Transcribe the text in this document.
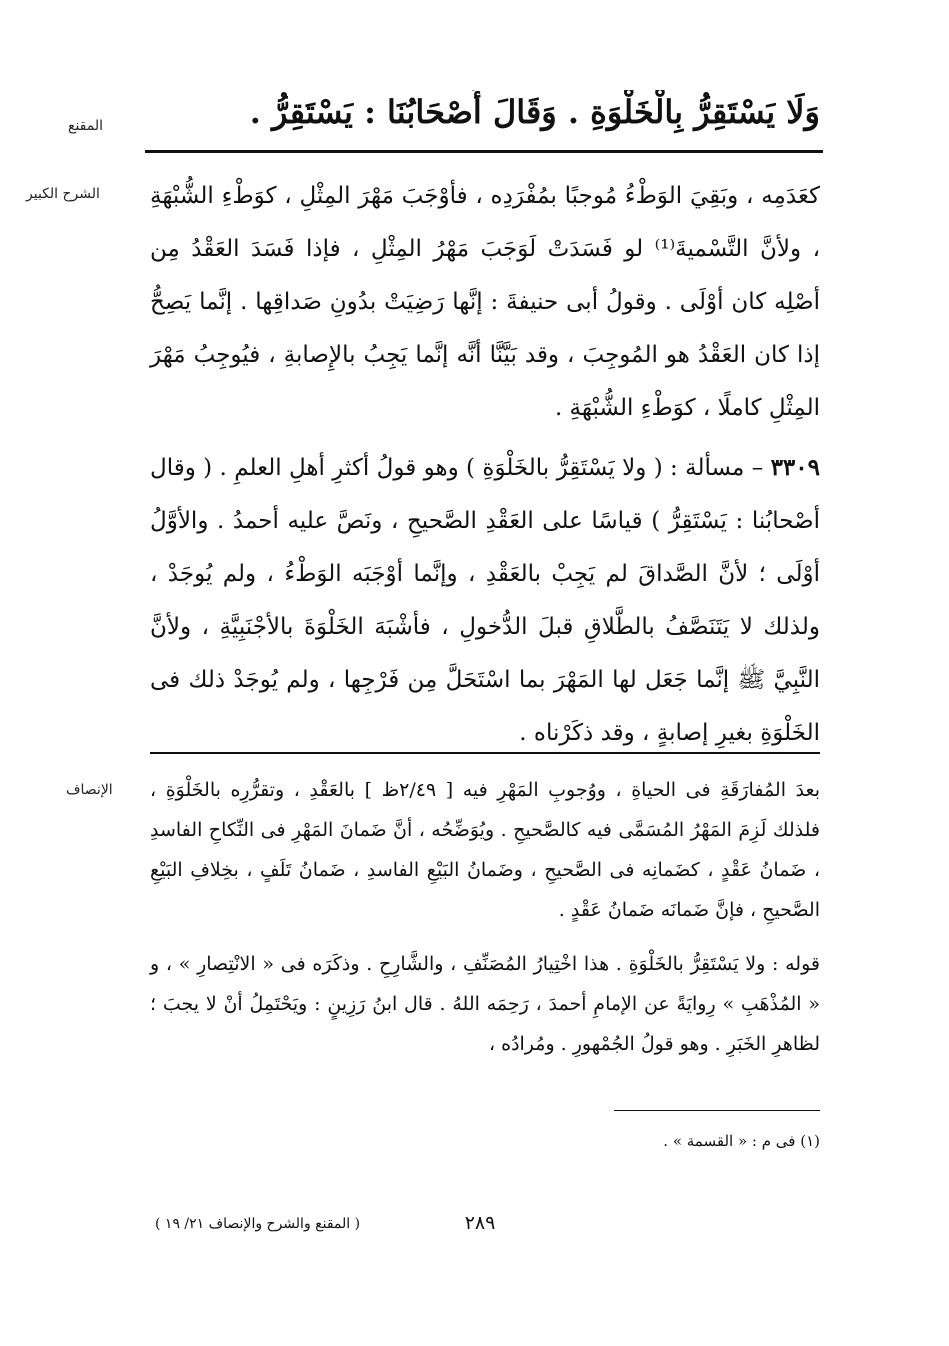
المقنع	وَلَا يَسْتَقِرُّ بِالْخَلْوَةِ . وَقَالَ أَصْحَابُنَا : يَسْتَقِرُّ .
الشرح الكبير كعَدَمِه ، وبَقِيَ الوَطْءُ مُوجبًا بمُفْرَدِه ، فأوْجَبَ مَهْرَ المِثْلِ ، كوَطْءِ الشُّبْهَةِ ، ولأنَّ التَّسْميةَ⁽¹⁾ لو فَسَدَتْ لَوَجَبَ مَهْرُ المِثْلِ ، فإذا فَسَدَ العَقْدُ مِن أصْلِه كان أوْلَى . وقولُ أبى حنيفةَ : إنَّها رَضِيَتْ بدُونِ صَداقِها . إنَّما يَصِحُّ إذا كان العَقْدُ هو المُوجِبَ ، وقد بَيَّنَّا أنَّه إنَّما يَجِبُ بالإِصابةِ ، فيُوجِبُ مَهْرَ المِثْلِ كاملًا ، كوَطْءِ الشُّبْهَةِ .

٣٣٠٩ – مسألة : ( ولا يَسْتَقِرُّ بالخَلْوَةِ ) وهو قولُ أكثرِ أهلِ العلمِ . ( وقال أصْحابُنا : يَسْتَقِرُّ ) قياسًا على العَقْدِ الصَّحيحِ ، ونَصَّ عليه أحمدُ . والأوَّلُ أوْلَى ؛ لأنَّ الصَّداقَ لم يَجِبْ بالعَقْدِ ، وإنَّما أوْجَبَه الوَطْءُ ، ولم يُوجَدْ ، ولذلك لا يَتَنَصَّفُ بالطَّلاقِ قبلَ الدُّخولِ ، فأشْبَهَ الخَلْوَةَ بالأجْنَبِيَّةِ ، ولأنَّ النَّبِيَّ ﷺ إنَّما جَعَل لها المَهْرَ بما اسْتَحَلَّ مِن فَرْجِها ، ولم يُوجَدْ ذلك فى الخَلْوَةِ بغيرِ إصابةٍ ، وقد ذكَرْناه .

الإنصاف بعدَ المُفارَقَةِ فى الحياةِ ، ووُجوبِ المَهْرِ فيه [ ٢/٤٩ظ ] بالعَقْدِ ، وتقرُّرِه بالخَلْوَةِ ، فلذلك لَزِمَ المَهْرُ المُسَمَّى فيه كالصَّحيحِ . ويُوَضِّحُه ، أنَّ ضَمانَ المَهْرِ فى النِّكاحِ الفاسدِ ، ضَمانُ عَقْدٍ ، كضَمانِه فى الصَّحيحِ ، وضَمانُ البَيْعِ الفاسدِ ، ضَمانُ تَلَفٍ ، بخِلافِ البَيْعِ الصَّحيحِ ، فإنَّ ضَمانَه ضَمانُ عَقْدٍ .

قوله : ولا يَسْتَقِرُّ بالخَلْوَةِ . هذا اخْتِيارُ المُصَنِّفِ ، والشَّارِحِ . وذكَرَه فى « الانْتِصارِ » ، و « المُذْهَبِ » رِوايَةً عن الإمامِ أحمدَ ، رَحِمَه اللهُ . قال ابنُ رَزِينٍ : ويَحْتَمِلُ أنْ لا يجبَ ؛ لظاهرِ الخَبَرِ . وهو قولُ الجُمْهورِ . ومُرادُه ،

(١) فى م : « القسمة » .
٢٨٩
( المقنع والشرح والإنصاف ٢١/ ١٩ )
